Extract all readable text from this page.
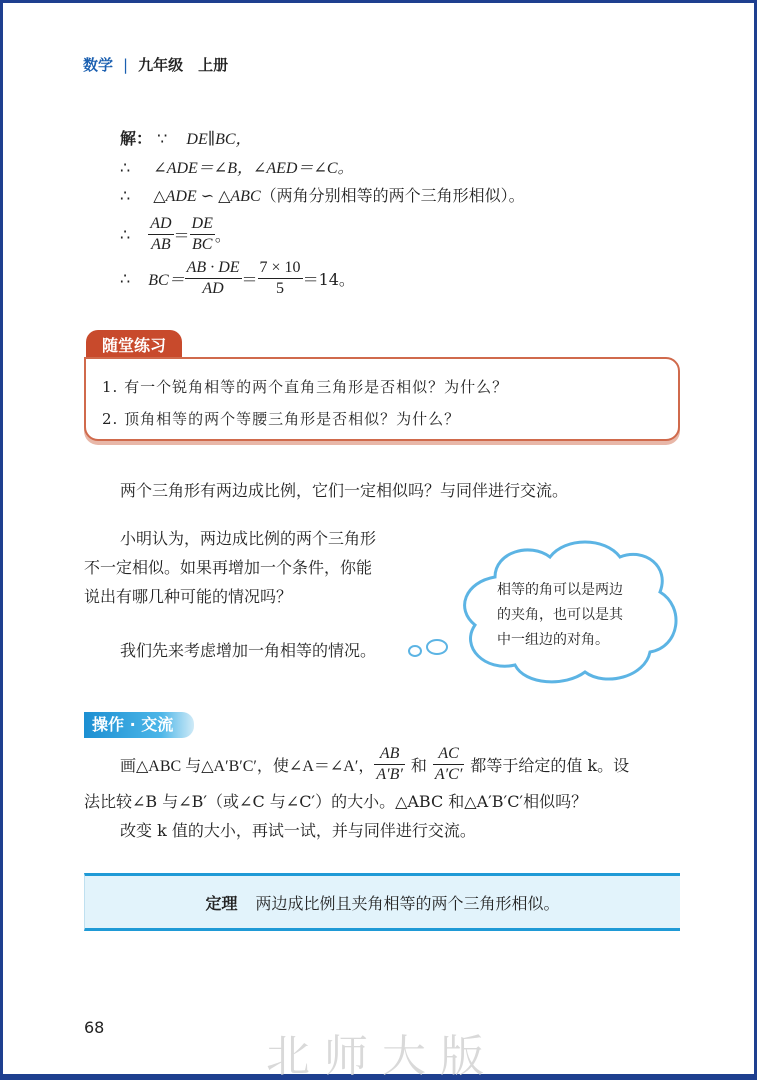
数学 | 九年级　上册
解： ∵ DE∥BC，
∴ ∠ADE＝∠B，∠AED＝∠C。
∴ △ADE ∽ △ABC（两角分别相等的两个三角形相似）。
∴ $\frac{AD}{AB} = \frac{DE}{BC}$ 。
∴ $BC= \frac{AB \cdot DE}{AD} = \frac{7 \times 10}{5} =14$。
随堂练习
1. 有一个锐角相等的两个直角三角形是否相似？为什么？
2. 顶角相等的两个等腰三角形是否相似？为什么？
两个三角形有两边成比例，它们一定相似吗？与同伴进行交流。
小明认为，两边成比例的两个三角形
不一定相似。如果再增加一个条件，你能
说出有哪几种可能的情况吗？
我们先来考虑增加一角相等的情况。
相等的角可以是两边
的夹角，也可以是其
中一组边的对角。
操作 · 交流
画△ABC 与△A′B′C′，使∠A＝∠A′， $\frac{AB}{A'B'}$ 和 $\frac{AC}{A'C'}$ 都等于给定的值 k。设
法比较∠B 与∠B′（或∠C 与∠C′）的大小。△ABC 和△A′B′C′相似吗？
改变 k 值的大小，再试一试，并与同伴进行交流。
定理 两边成比例且夹角相等的两个三角形相似。
68
北师大版
